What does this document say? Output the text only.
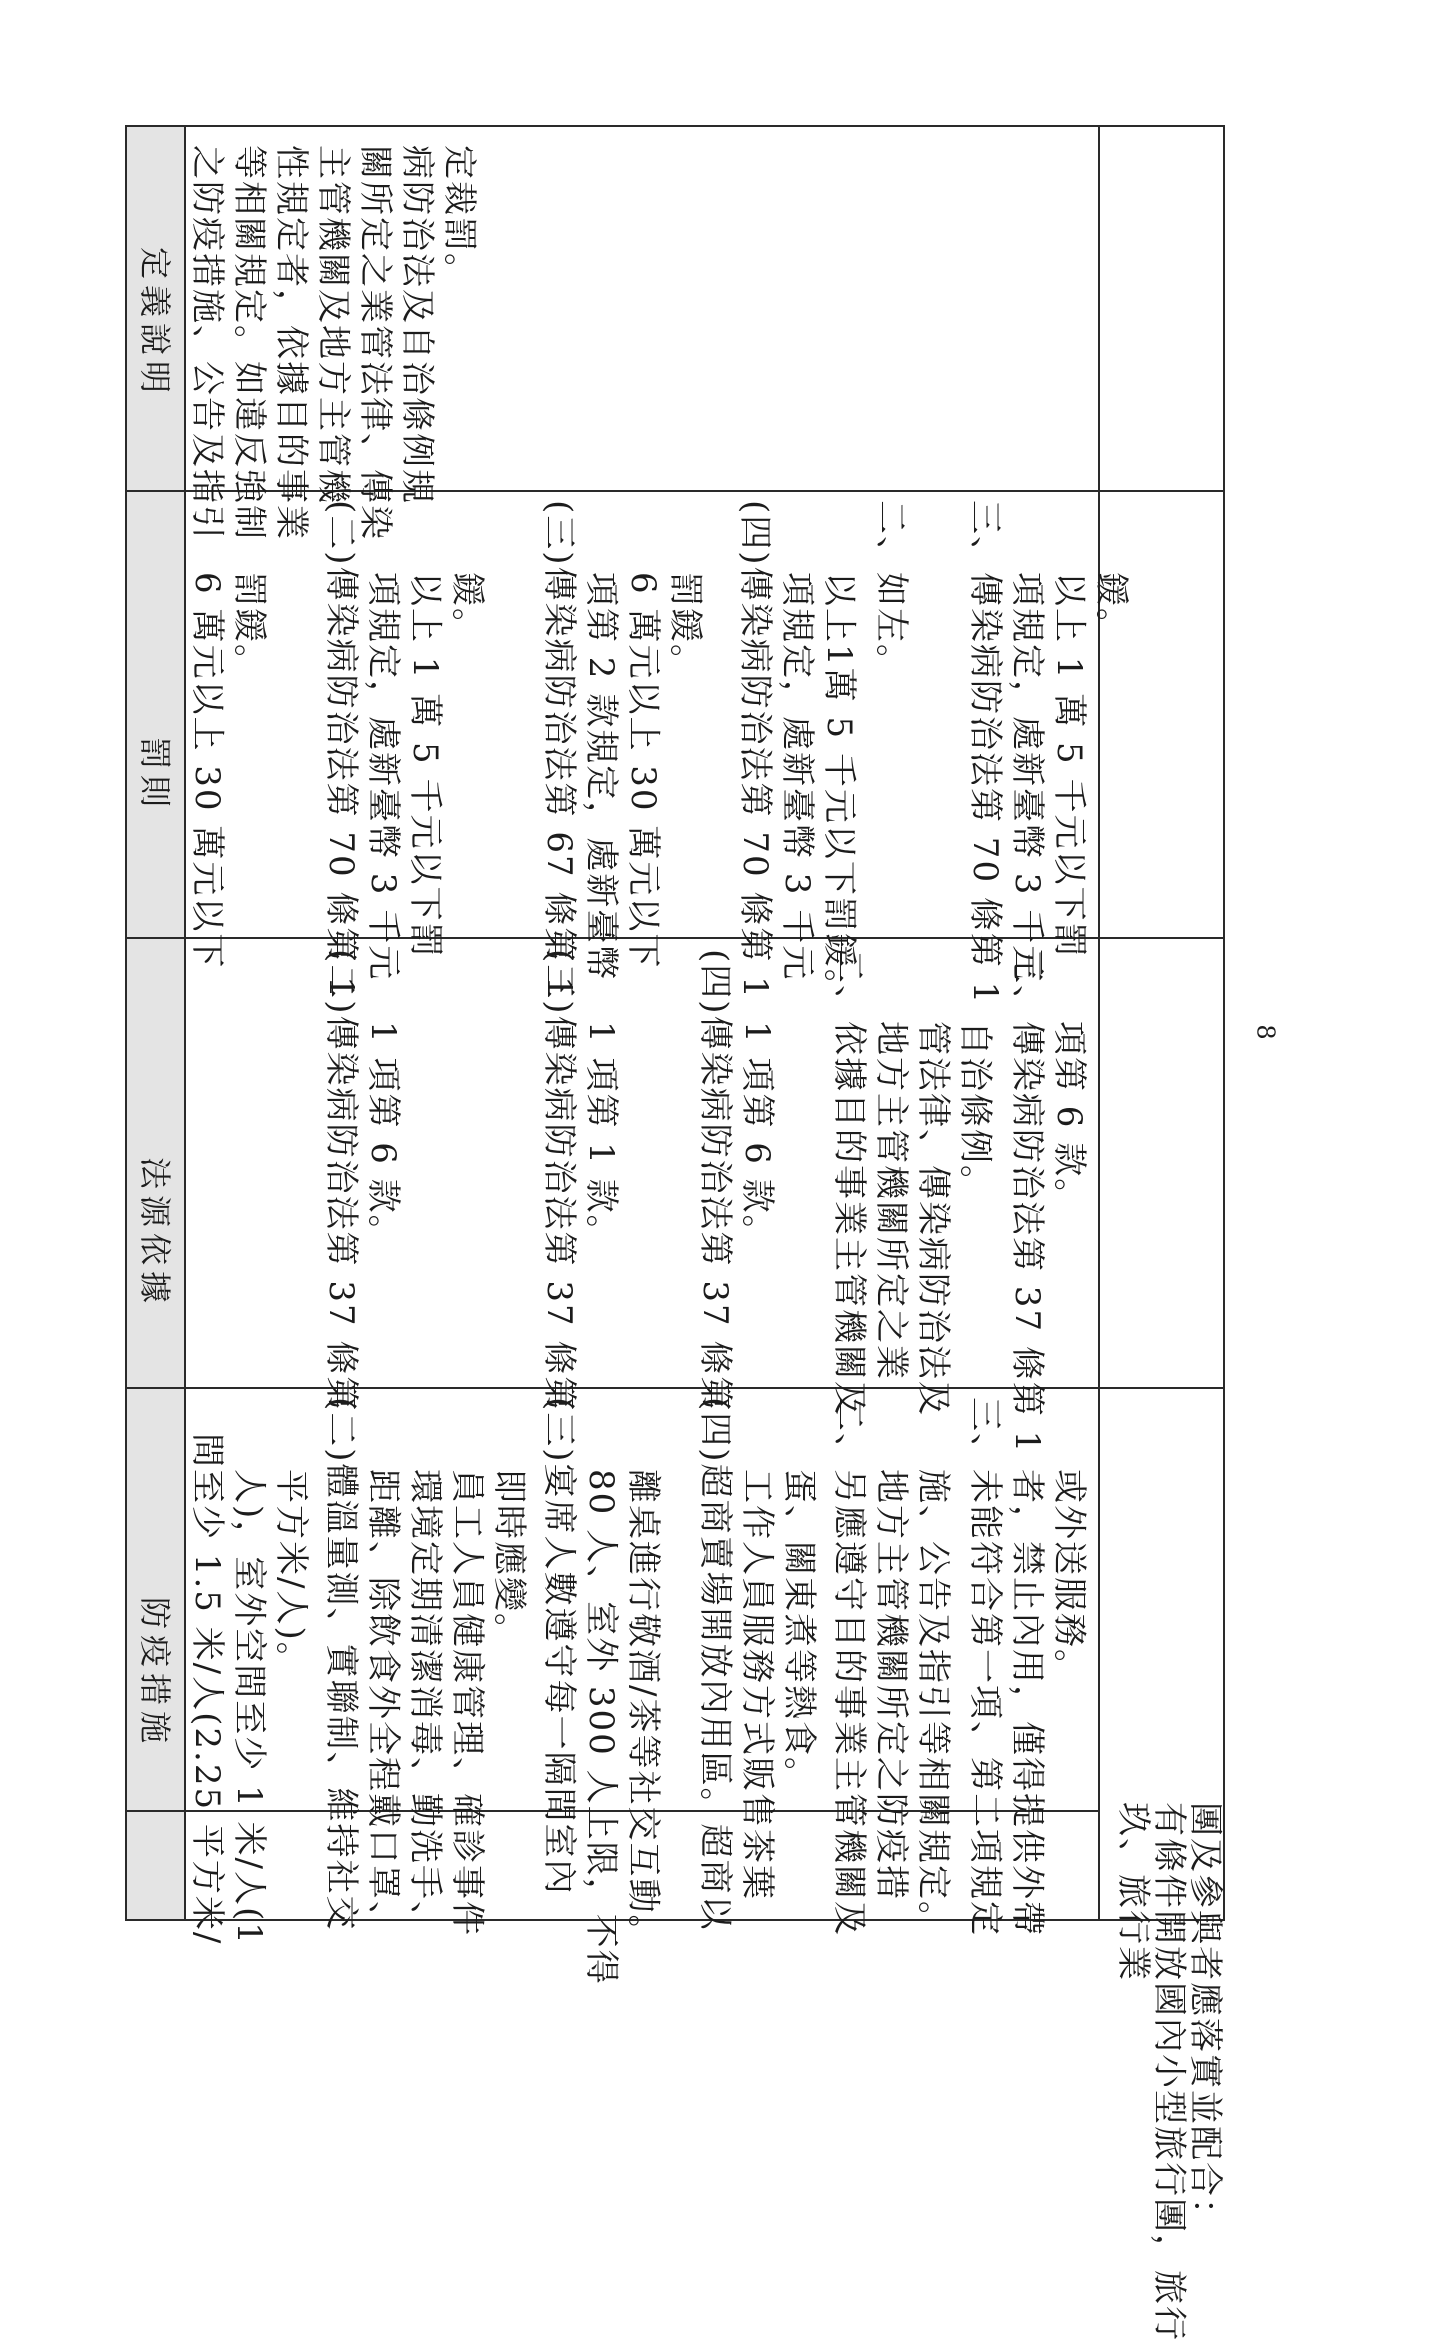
防疫措施
法源依據
罰則
定義說明
　間至少 1.5 米/人(2.25 平方米/ 　　人)，室外空間至少 1 米/人(1 　　平方米/人)。 (二)體溫量測、實聯制、維持社交 　　距離、除飲食外全程戴口罩、 　　環境定期清潔消毒、勤洗手、 　　員工人員健康管理、確診事件 　　即時應變。 (三)宴席人數遵守每一隔間室內 　　80 人、室外 300 人上限，不得 　　離桌進行敬酒/茶等社交互動。 (四)超商賣場開放內用區。超商以 　　工作人員服務方式販售茶葉 　　蛋、關東煮等熱食。 二、另應遵守目的事業主管機關及 　　地方主管機關所定之防疫措 　　施、公告及指引等相關規定。 三、未能符合第一項、第二項規定 　　者，禁止內用，僅得提供外帶 　　或外送服務。
(二)傳染病防治法第 37 條第 　　1 項第 6 款。	(三)傳染病防治法第 37 條第 　　1 項第 1 款。 (四)傳染病防治法第 37 條第 　　1 項第 6 款。 二、依據目的事業主管機關及 　　地方主管機關所定之業 　　管法律、傳染病防治法及 　　自治條例。 三、傳染病防治法第 37 條第 1 　　項第 6 款。
　　6 萬元以上 30 萬元以下 　　罰鍰。 (二)傳染病防治法第 70 條第 1 　　項規定，處新臺幣 3 千元 　　以上 1 萬 5 千元以下罰 　　鍰。 (三)傳染病防治法第 67 條第 1 　　項第 2 款規定，處新臺幣 　　6 萬元以上 30 萬元以下 　　罰鍰。 (四)傳染病防治法第 70 條第 1 　　項規定，處新臺幣 3 千元 　　以上1萬 5 千元以下罰鍰。 二、如左。 三、傳染病防治法第 70 條第 1 　　項規定，處新臺幣 3 千元 　　以上 1 萬 5 千元以下罰 　　鍰。
之防疫措施、公告及指引 等相關規定。如違反強制 性規定者，依據目的事業 主管機關及地方主管機 關所定之業管法律、傳染 病防治法及自治條例規 定裁罰。
玖、旅行業
有條件開放國內小型旅行團，旅行
團及參與者應落實並配合：
8
